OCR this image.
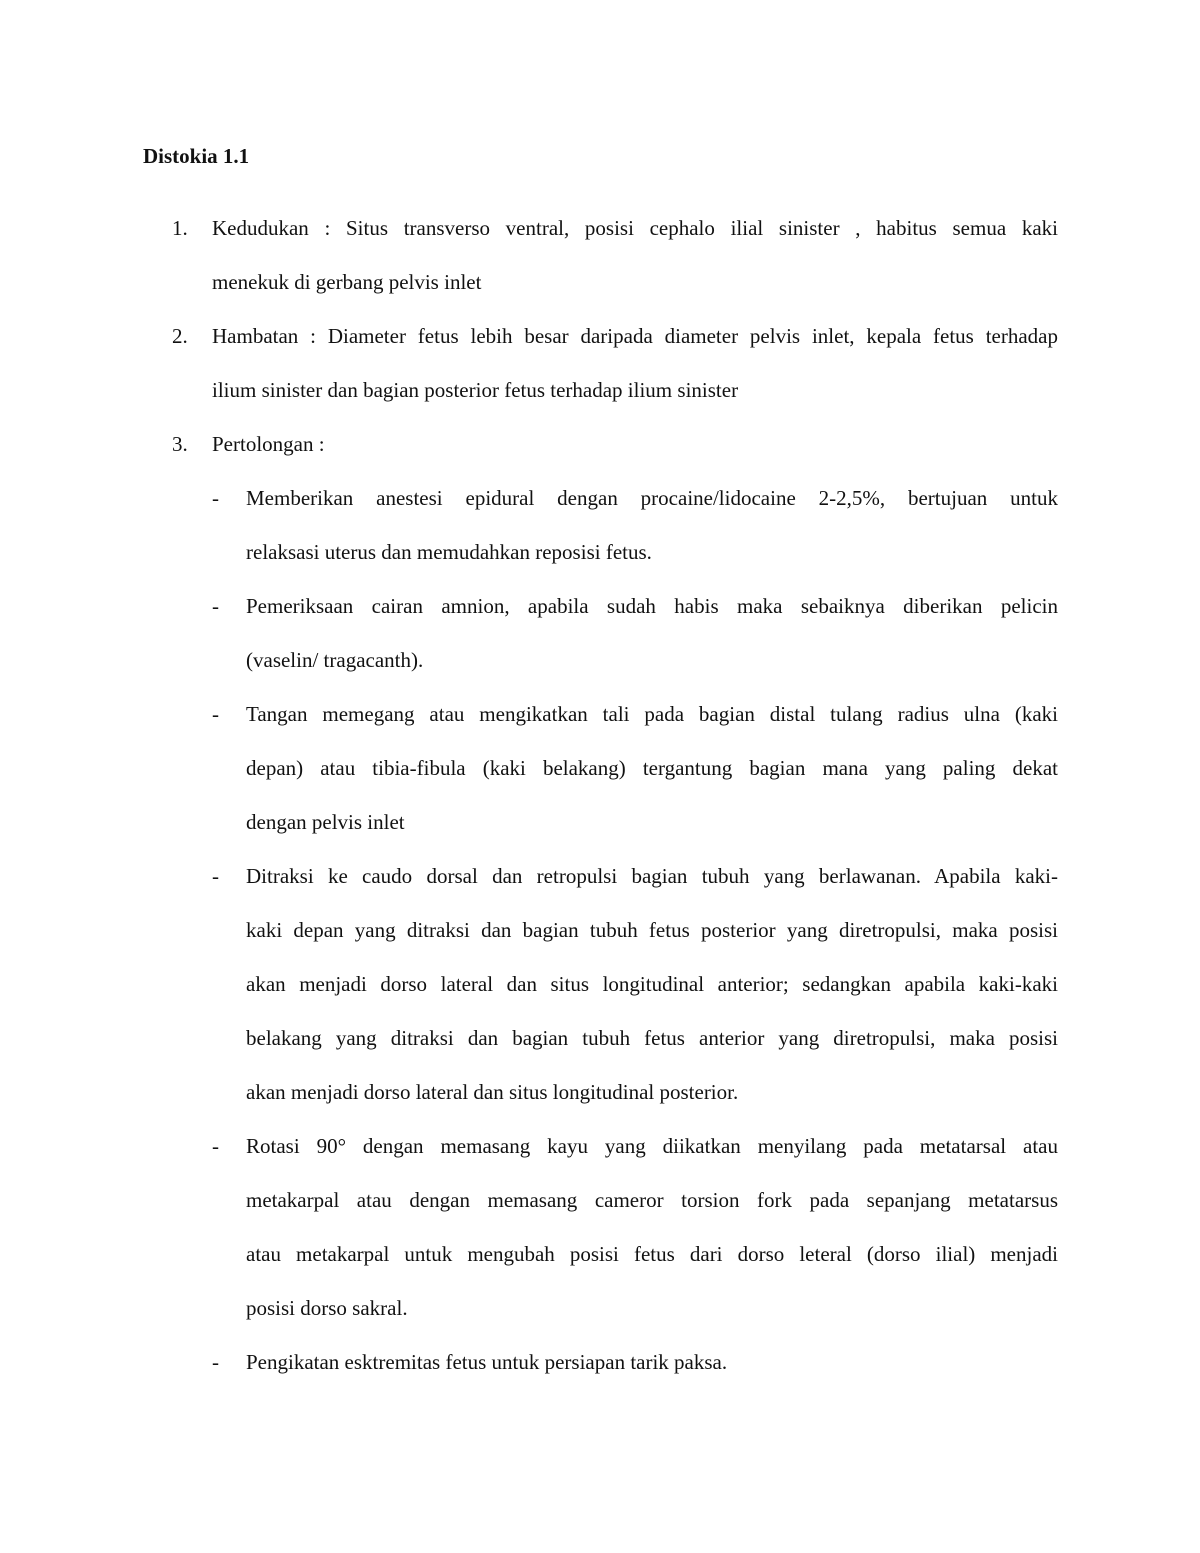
Distokia 1.1
1. Kedudukan : Situs transverso ventral, posisi cephalo ilial sinister , habitus semua kaki
menekuk di gerbang pelvis inlet
2. Hambatan : Diameter fetus lebih besar daripada diameter pelvis inlet, kepala fetus terhadap
ilium sinister dan bagian posterior fetus terhadap ilium sinister
3. Pertolongan :
- Memberikan anestesi epidural dengan procaine/lidocaine 2-2,5%, bertujuan untuk
relaksasi uterus dan memudahkan reposisi fetus.
- Pemeriksaan cairan amnion, apabila sudah habis maka sebaiknya diberikan pelicin
(vaselin/ tragacanth).
- Tangan memegang atau mengikatkan tali pada bagian distal tulang radius ulna (kaki
depan) atau tibia-fibula (kaki belakang) tergantung bagian mana yang paling dekat
dengan pelvis inlet
- Ditraksi ke caudo dorsal dan retropulsi bagian tubuh yang berlawanan. Apabila kaki-
kaki depan yang ditraksi dan bagian tubuh fetus posterior yang diretropulsi, maka posisi
akan menjadi dorso lateral dan situs longitudinal anterior; sedangkan apabila kaki-kaki
belakang yang ditraksi dan bagian tubuh fetus anterior yang diretropulsi, maka posisi
akan menjadi dorso lateral dan situs longitudinal posterior.
- Rotasi 90° dengan memasang kayu yang diikatkan menyilang pada metatarsal atau
metakarpal atau dengan memasang cameror torsion fork pada sepanjang metatarsus
atau metakarpal untuk mengubah posisi fetus dari dorso leteral (dorso ilial) menjadi
posisi dorso sakral.
- Pengikatan esktremitas fetus untuk persiapan tarik paksa.
